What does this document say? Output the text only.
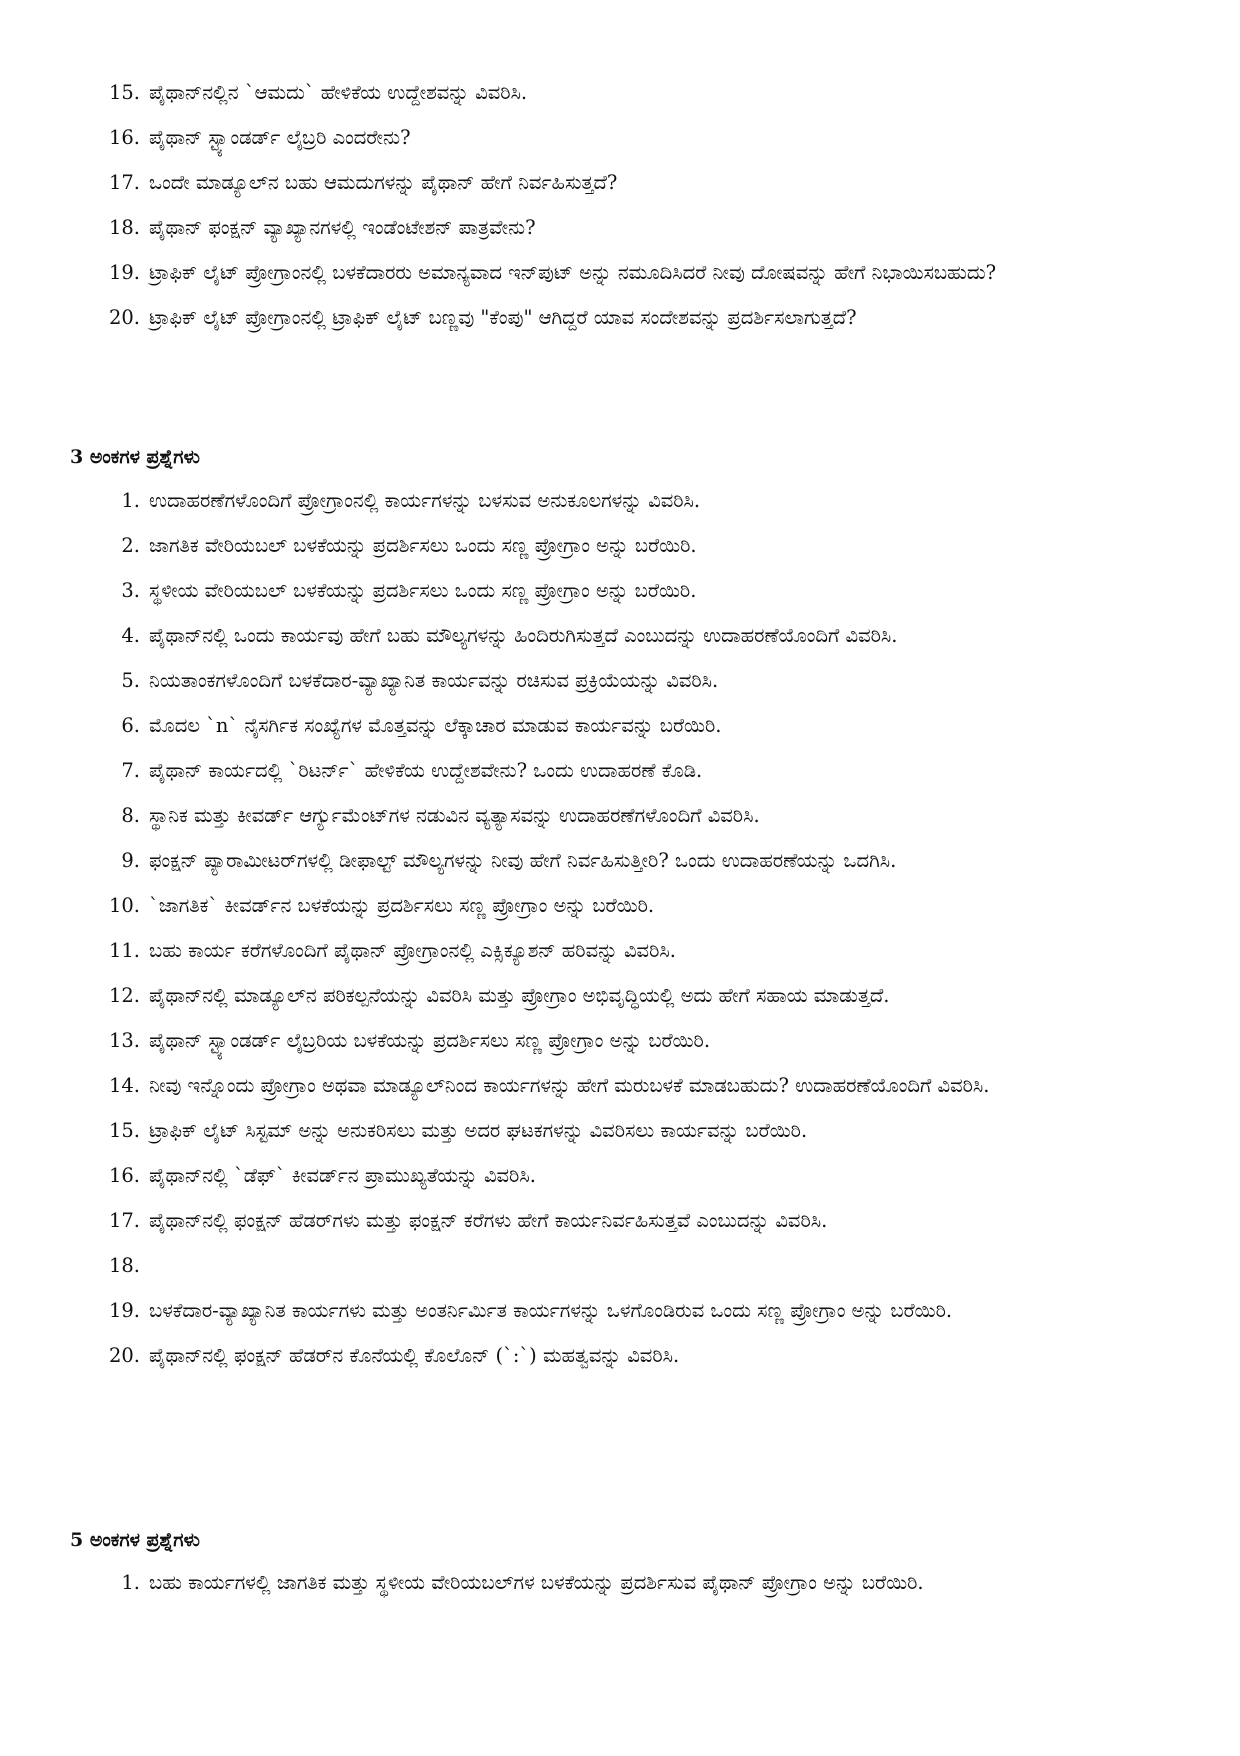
15. ಪೈಥಾನ್‌ನಲ್ಲಿನ `ಆಮದು` ಹೇಳಿಕೆಯ ಉದ್ದೇಶವನ್ನು ವಿವರಿಸಿ.
16. ಪೈಥಾನ್ ಸ್ಟ್ಯಾಂಡರ್ಡ್ ಲೈಬ್ರರಿ ಎಂದರೇನು?
17. ಒಂದೇ ಮಾಡ್ಯೂಲ್‌ನ ಬಹು ಆಮದುಗಳನ್ನು ಪೈಥಾನ್ ಹೇಗೆ ನಿರ್ವಹಿಸುತ್ತದೆ?
18. ಪೈಥಾನ್ ಫಂಕ್ಷನ್ ವ್ಯಾಖ್ಯಾನಗಳಲ್ಲಿ ಇಂಡೆಂಟೇಶನ್ ಪಾತ್ರವೇನು?
19. ಟ್ರಾಫಿಕ್ ಲೈಟ್ ಪ್ರೋಗ್ರಾಂನಲ್ಲಿ ಬಳಕೆದಾರರು ಅಮಾನ್ಯವಾದ ಇನ್‌ಪುಟ್ ಅನ್ನು ನಮೂದಿಸಿದರೆ ನೀವು ದೋಷವನ್ನು ಹೇಗೆ ನಿಭಾಯಿಸಬಹುದು?
20. ಟ್ರಾಫಿಕ್ ಲೈಟ್ ಪ್ರೋಗ್ರಾಂನಲ್ಲಿ ಟ್ರಾಫಿಕ್ ಲೈಟ್ ಬಣ್ಣವು "ಕೆಂಪು" ಆಗಿದ್ದರೆ ಯಾವ ಸಂದೇಶವನ್ನು ಪ್ರದರ್ಶಿಸಲಾಗುತ್ತದೆ?
3 ಅಂಕಗಳ ಪ್ರಶ್ನೆಗಳು
1. ಉದಾಹರಣೆಗಳೊಂದಿಗೆ ಪ್ರೋಗ್ರಾಂನಲ್ಲಿ ಕಾರ್ಯಗಳನ್ನು ಬಳಸುವ ಅನುಕೂಲಗಳನ್ನು ವಿವರಿಸಿ.
2. ಜಾಗತಿಕ ವೇರಿಯಬಲ್ ಬಳಕೆಯನ್ನು ಪ್ರದರ್ಶಿಸಲು ಒಂದು ಸಣ್ಣ ಪ್ರೋಗ್ರಾಂ ಅನ್ನು ಬರೆಯಿರಿ.
3. ಸ್ಥಳೀಯ ವೇರಿಯಬಲ್ ಬಳಕೆಯನ್ನು ಪ್ರದರ್ಶಿಸಲು ಒಂದು ಸಣ್ಣ ಪ್ರೋಗ್ರಾಂ ಅನ್ನು ಬರೆಯಿರಿ.
4. ಪೈಥಾನ್‌ನಲ್ಲಿ ಒಂದು ಕಾರ್ಯವು ಹೇಗೆ ಬಹು ಮೌಲ್ಯಗಳನ್ನು ಹಿಂದಿರುಗಿಸುತ್ತದೆ ಎಂಬುದನ್ನು ಉದಾಹರಣೆಯೊಂದಿಗೆ ವಿವರಿಸಿ.
5. ನಿಯತಾಂಕಗಳೊಂದಿಗೆ ಬಳಕೆದಾರ-ವ್ಯಾಖ್ಯಾನಿತ ಕಾರ್ಯವನ್ನು ರಚಿಸುವ ಪ್ರಕ್ರಿಯೆಯನ್ನು ವಿವರಿಸಿ.
6. ಮೊದಲ `n` ನೈಸರ್ಗಿಕ ಸಂಖ್ಯೆಗಳ ಮೊತ್ತವನ್ನು ಲೆಕ್ಕಾಚಾರ ಮಾಡುವ ಕಾರ್ಯವನ್ನು ಬರೆಯಿರಿ.
7. ಪೈಥಾನ್ ಕಾರ್ಯದಲ್ಲಿ `ರಿಟರ್ನ್` ಹೇಳಿಕೆಯ ಉದ್ದೇಶವೇನು? ಒಂದು ಉದಾಹರಣೆ ಕೊಡಿ.
8. ಸ್ಥಾನಿಕ ಮತ್ತು ಕೀವರ್ಡ್ ಆರ್ಗ್ಯುಮೆಂಟ್‌ಗಳ ನಡುವಿನ ವ್ಯತ್ಯಾಸವನ್ನು ಉದಾಹರಣೆಗಳೊಂದಿಗೆ ವಿವರಿಸಿ.
9. ಫಂಕ್ಷನ್ ಪ್ಯಾರಾಮೀಟರ್‌ಗಳಲ್ಲಿ ಡೀಫಾಲ್ಟ್ ಮೌಲ್ಯಗಳನ್ನು ನೀವು ಹೇಗೆ ನಿರ್ವಹಿಸುತ್ತೀರಿ? ಒಂದು ಉದಾಹರಣೆಯನ್ನು ಒದಗಿಸಿ.
10. `ಜಾಗತಿಕ` ಕೀವರ್ಡ್‌ನ ಬಳಕೆಯನ್ನು ಪ್ರದರ್ಶಿಸಲು ಸಣ್ಣ ಪ್ರೋಗ್ರಾಂ ಅನ್ನು ಬರೆಯಿರಿ.
11. ಬಹು ಕಾರ್ಯ ಕರೆಗಳೊಂದಿಗೆ ಪೈಥಾನ್ ಪ್ರೋಗ್ರಾಂನಲ್ಲಿ ಎಕ್ಸಿಕ್ಯೂಶನ್ ಹರಿವನ್ನು ವಿವರಿಸಿ.
12. ಪೈಥಾನ್‌ನಲ್ಲಿ ಮಾಡ್ಯೂಲ್‌ನ ಪರಿಕಲ್ಪನೆಯನ್ನು ವಿವರಿಸಿ ಮತ್ತು ಪ್ರೋಗ್ರಾಂ ಅಭಿವೃದ್ಧಿಯಲ್ಲಿ ಅದು ಹೇಗೆ ಸಹಾಯ ಮಾಡುತ್ತದೆ.
13. ಪೈಥಾನ್ ಸ್ಟ್ಯಾಂಡರ್ಡ್ ಲೈಬ್ರರಿಯ ಬಳಕೆಯನ್ನು ಪ್ರದರ್ಶಿಸಲು ಸಣ್ಣ ಪ್ರೋಗ್ರಾಂ ಅನ್ನು ಬರೆಯಿರಿ.
14. ನೀವು ಇನ್ನೊಂದು ಪ್ರೋಗ್ರಾಂ ಅಥವಾ ಮಾಡ್ಯೂಲ್‌ನಿಂದ ಕಾರ್ಯಗಳನ್ನು ಹೇಗೆ ಮರುಬಳಕೆ ಮಾಡಬಹುದು? ಉದಾಹರಣೆಯೊಂದಿಗೆ ವಿವರಿಸಿ.
15. ಟ್ರಾಫಿಕ್ ಲೈಟ್ ಸಿಸ್ಟಮ್ ಅನ್ನು ಅನುಕರಿಸಲು ಮತ್ತು ಅದರ ಘಟಕಗಳನ್ನು ವಿವರಿಸಲು ಕಾರ್ಯವನ್ನು ಬರೆಯಿರಿ.
16. ಪೈಥಾನ್‌ನಲ್ಲಿ `ಡೆಫ್` ಕೀವರ್ಡ್‌ನ ಪ್ರಾಮುಖ್ಯತೆಯನ್ನು ವಿವರಿಸಿ.
17. ಪೈಥಾನ್‌ನಲ್ಲಿ ಫಂಕ್ಷನ್ ಹೆಡರ್‌ಗಳು ಮತ್ತು ಫಂಕ್ಷನ್ ಕರೆಗಳು ಹೇಗೆ ಕಾರ್ಯನಿರ್ವಹಿಸುತ್ತವೆ ಎಂಬುದನ್ನು ವಿವರಿಸಿ.
18.
19. ಬಳಕೆದಾರ-ವ್ಯಾಖ್ಯಾನಿತ ಕಾರ್ಯಗಳು ಮತ್ತು ಅಂತರ್ನಿರ್ಮಿತ ಕಾರ್ಯಗಳನ್ನು ಒಳಗೊಂಡಿರುವ ಒಂದು ಸಣ್ಣ ಪ್ರೋಗ್ರಾಂ ಅನ್ನು ಬರೆಯಿರಿ.
20. ಪೈಥಾನ್‌ನಲ್ಲಿ ಫಂಕ್ಷನ್ ಹೆಡರ್‌ನ ಕೊನೆಯಲ್ಲಿ ಕೊಲೊನ್ (`:`) ಮಹತ್ವವನ್ನು ವಿವರಿಸಿ.
5 ಅಂಕಗಳ ಪ್ರಶ್ನೆಗಳು
1. ಬಹು ಕಾರ್ಯಗಳಲ್ಲಿ ಜಾಗತಿಕ ಮತ್ತು ಸ್ಥಳೀಯ ವೇರಿಯಬಲ್‌ಗಳ ಬಳಕೆಯನ್ನು ಪ್ರದರ್ಶಿಸುವ ಪೈಥಾನ್ ಪ್ರೋಗ್ರಾಂ ಅನ್ನು ಬರೆಯಿರಿ.
